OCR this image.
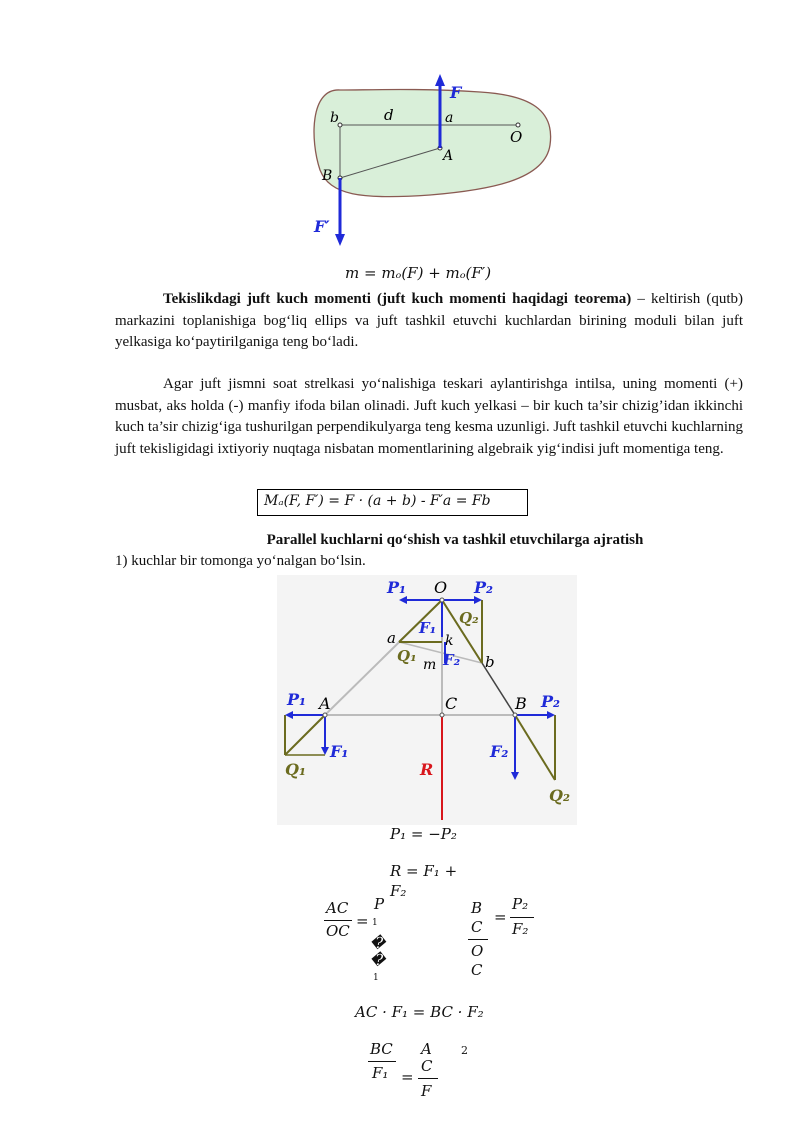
F
F′
b	d	a
O
A
B
m = mₒ(F) + mₒ(F′)

Tekislikdagi juft kuch momenti (juft kuch momenti haqidagi teorema) – keltirish (qutb) markazini toplanishiga bog‘liq ellips va juft tashkil etuvchi kuchlardan birining moduli bilan juft yelkasiga ko‘paytirilganiga teng bo‘ladi.

Agar juft jismni soat strelkasi yo‘nalishiga teskari aylantirishga intilsa, uning momenti (+) musbat, aks holda (-) manfiy ifoda bilan olinadi. Juft kuch yelkasi – bir kuch ta’sir chizig’idan ikkinchi kuch ta’sir chizig‘iga tushurilgan perpendikulyarga teng kesma uzunligi. Juft tashkil etuvchi kuchlarning juft tekisligidagi ixtiyoriy nuqtaga nisbatan momentlarining algebraik yig‘indisi juft momentiga teng.

Mₐ(F, F′) = F · (a + b) - F′a = Fb
Parallel kuchlarni qo‘shish va tashkil etuvchilarga ajratish
1) kuchlar bir tomonga yo‘nalgan bo‘lsin.
P₁ O P₂
a
F₁
k
Q₂
Q₁ m F₂ b
P₁ A	C	B P₂
F₁
Q₁	R
F₂
Q₂
P₁ = −P₂
R = F₁ +
F₂
AC
OC
=
P
1
�
�
1
B
C
O
C
=
P₂
F₂
AC · F₁ = BC · F₂
BC
F₁ =
A
C
F
2
